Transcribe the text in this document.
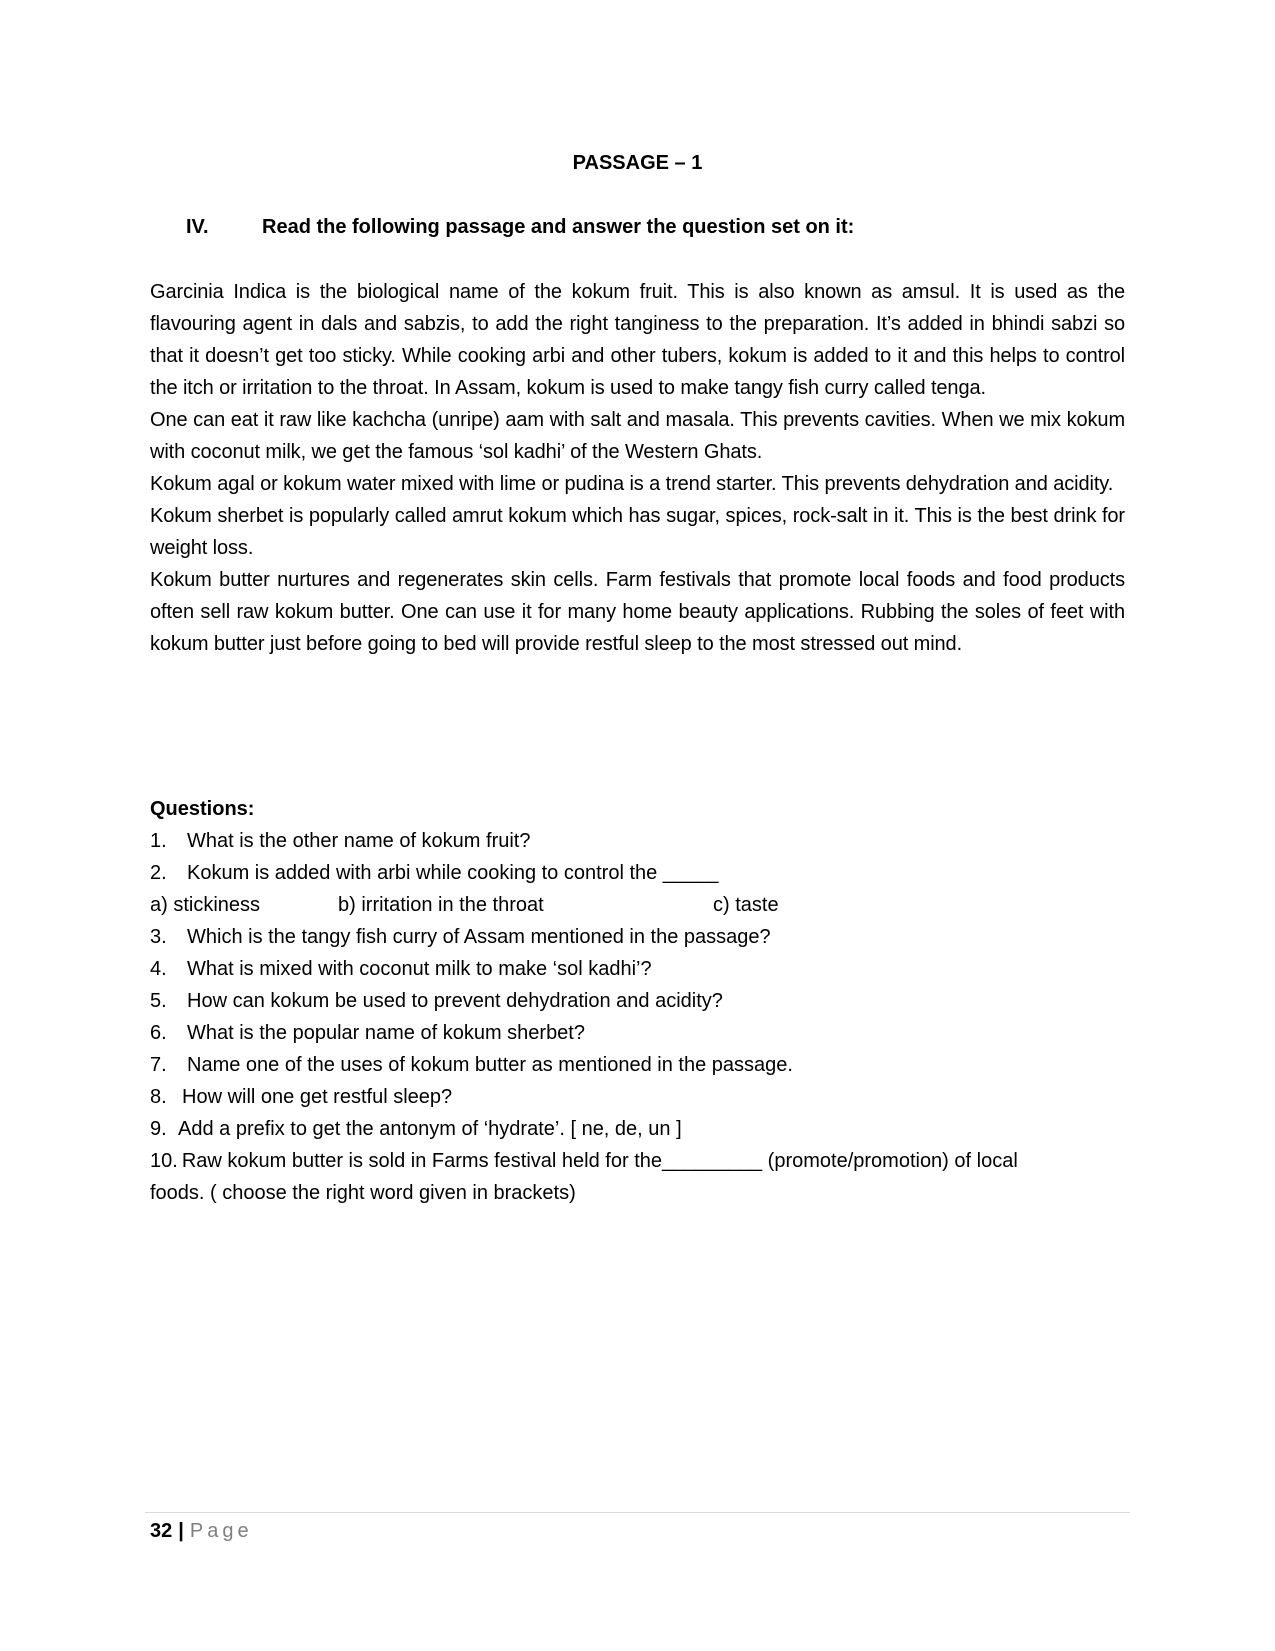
PASSAGE – 1
IV.	Read the following passage and answer the question set on it:

Garcinia Indica is the biological name of the kokum fruit. This is also known as amsul. It is used as the flavouring agent in dals and sabzis, to add the right tanginess to the preparation. It’s added in bhindi sabzi so that it doesn’t get too sticky. While cooking arbi and other tubers, kokum is added to it and this helps to control the itch or irritation to the throat. In Assam, kokum is used to make tangy fish curry called tenga.

One can eat it raw like kachcha (unripe) aam with salt and masala. This prevents cavities. When we mix kokum with coconut milk, we get the famous ‘sol kadhi’ of the Western Ghats.

Kokum agal or kokum water mixed with lime or pudina is a trend starter. This prevents dehydration and acidity.

Kokum sherbet is popularly called amrut kokum which has sugar, spices, rock-salt in it. This is the best drink for weight loss.

Kokum butter nurtures and regenerates skin cells. Farm festivals that promote local foods and food products often sell raw kokum butter. One can use it for many home beauty applications. Rubbing the soles of feet with kokum butter just before going to bed will provide restful sleep to the most stressed out mind.

Questions:
1. What is the other name of kokum fruit?
2. Kokum is added with arbi while cooking to control the _____
a) stickiness	b) irritation in the throat	c) taste
3. Which is the tangy fish curry of Assam mentioned in the passage?
4. What is mixed with coconut milk to make ‘sol kadhi’?
5. How can kokum be used to prevent dehydration and acidity?
6. What is the popular name of kokum sherbet?
7. Name one of the uses of kokum butter as mentioned in the passage.
8. How will one get restful sleep?
9. Add a prefix to get the antonym of ‘hydrate’. [ ne, de, un ]
10. Raw kokum butter is sold in Farms festival held for the_________ (promote/promotion) of local
foods. ( choose the right word given in brackets)
32 | Page
